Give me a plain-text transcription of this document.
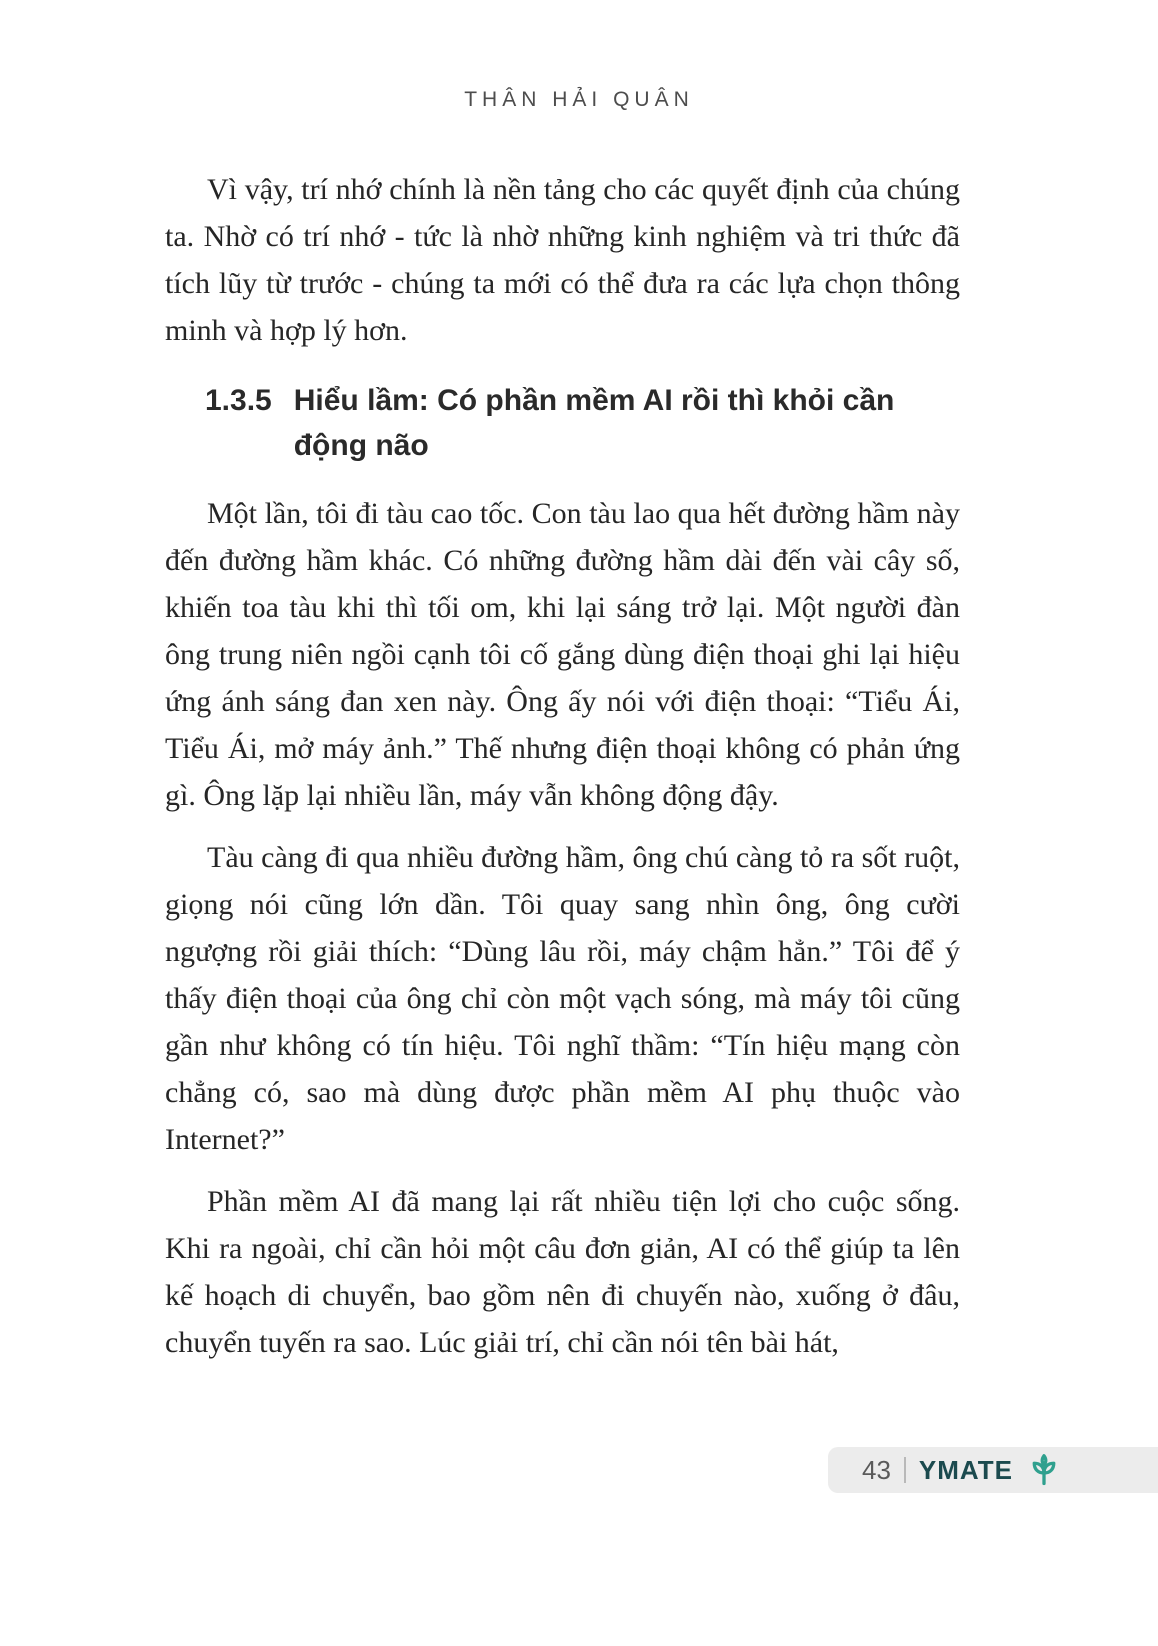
THÂN HẢI QUÂN

Vì vậy, trí nhớ chính là nền tảng cho các quyết định của chúng ta. Nhờ có trí nhớ - tức là nhờ những kinh nghiệm và tri thức đã tích lũy từ trước - chúng ta mới có thể đưa ra các lựa chọn thông minh và hợp lý hơn.

1.3.5 Hiểu lầm: Có phần mềm AI rồi thì khỏi cần động não

Một lần, tôi đi tàu cao tốc. Con tàu lao qua hết đường hầm này đến đường hầm khác. Có những đường hầm dài đến vài cây số, khiến toa tàu khi thì tối om, khi lại sáng trở lại. Một người đàn ông trung niên ngồi cạnh tôi cố gắng dùng điện thoại ghi lại hiệu ứng ánh sáng đan xen này. Ông ấy nói với điện thoại: “Tiểu Ái, Tiểu Ái, mở máy ảnh.” Thế nhưng điện thoại không có phản ứng gì. Ông lặp lại nhiều lần, máy vẫn không động đậy.

Tàu càng đi qua nhiều đường hầm, ông chú càng tỏ ra sốt ruột, giọng nói cũng lớn dần. Tôi quay sang nhìn ông, ông cười ngượng rồi giải thích: “Dùng lâu rồi, máy chậm hẳn.” Tôi để ý thấy điện thoại của ông chỉ còn một vạch sóng, mà máy tôi cũng gần như không có tín hiệu. Tôi nghĩ thầm: “Tín hiệu mạng còn chẳng có, sao mà dùng được phần mềm AI phụ thuộc vào Internet?”

Phần mềm AI đã mang lại rất nhiều tiện lợi cho cuộc sống. Khi ra ngoài, chỉ cần hỏi một câu đơn giản, AI có thể giúp ta lên kế hoạch di chuyển, bao gồm nên đi chuyến nào, xuống ở đâu, chuyển tuyến ra sao. Lúc giải trí, chỉ cần nói tên bài hát,

43 YMATE
